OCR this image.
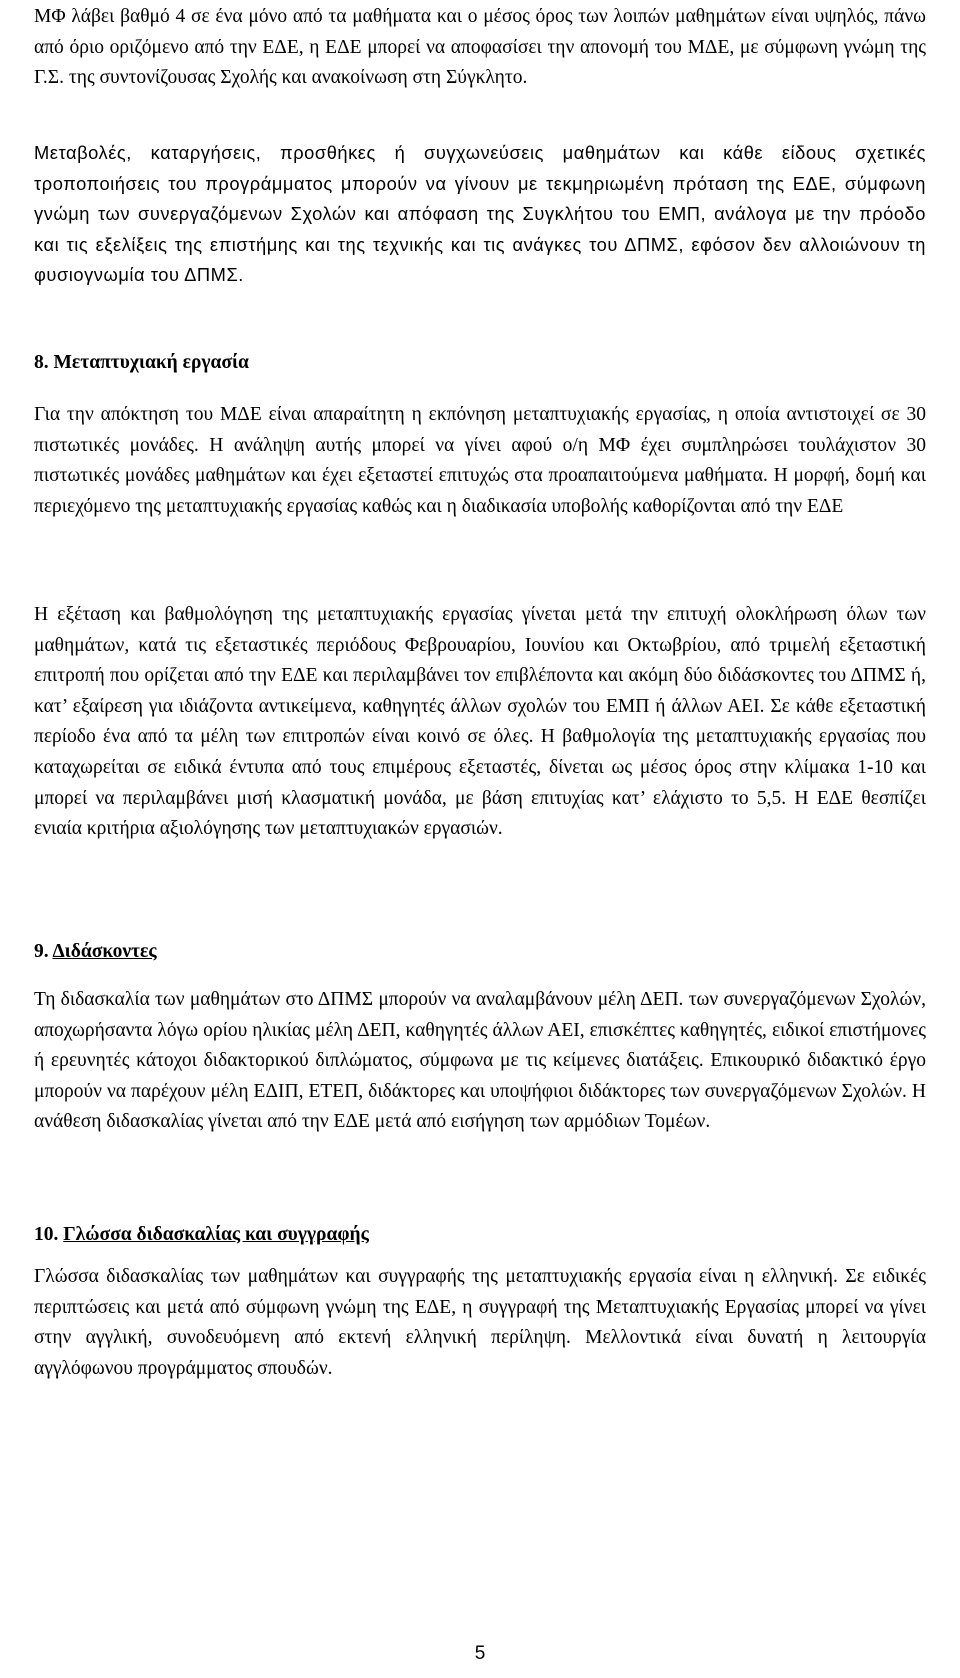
ΜΦ λάβει βαθμό 4 σε ένα μόνο από τα μαθήματα και ο μέσος όρος των λοιπών μαθημάτων είναι υψηλός, πάνω από όριο οριζόμενο από την ΕΔΕ, η ΕΔΕ μπορεί να αποφασίσει την απονομή του ΜΔΕ, με σύμφωνη γνώμη της Γ.Σ. της συντονίζουσας Σχολής και ανακοίνωση στη Σύγκλητο.

Μεταβολές, καταργήσεις, προσθήκες ή συγχωνεύσεις μαθημάτων και κάθε είδους σχετικές τροποποιήσεις του προγράμματος μπορούν να γίνουν με τεκμηριωμένη πρόταση της ΕΔΕ, σύμφωνη γνώμη των συνεργαζόμενων Σχολών και απόφαση της Συγκλήτου του ΕΜΠ, ανάλογα με την πρόοδο και τις εξελίξεις της επιστήμης και της τεχνικής και τις ανάγκες του ΔΠΜΣ, εφόσον δεν αλλοιώνουν τη φυσιογνωμία του ΔΠΜΣ.

8. Μεταπτυχιακή εργασία

Για την απόκτηση του ΜΔΕ είναι απαραίτητη η εκπόνηση μεταπτυχιακής εργασίας, η οποία αντιστοιχεί σε 30 πιστωτικές μονάδες. Η ανάληψη αυτής μπορεί να γίνει αφού ο/η ΜΦ έχει συμπληρώσει τουλάχιστον 30 πιστωτικές μονάδες μαθημάτων και έχει εξεταστεί επιτυχώς στα προαπαιτούμενα μαθήματα. Η μορφή, δομή και περιεχόμενο της μεταπτυχιακής εργασίας καθώς και η διαδικασία υποβολής καθορίζονται από την ΕΔΕ

Η εξέταση και βαθμολόγηση της μεταπτυχιακής εργασίας γίνεται μετά την επιτυχή ολοκλήρωση όλων των μαθημάτων, κατά τις εξεταστικές περιόδους Φεβρουαρίου, Ιουνίου και Οκτωβρίου, από τριμελή εξεταστική επιτροπή που ορίζεται από την ΕΔΕ και περιλαμβάνει τον επιβλέποντα και ακόμη δύο διδάσκοντες του ΔΠΜΣ ή, κατ’ εξαίρεση για ιδιάζοντα αντικείμενα, καθηγητές άλλων σχολών του ΕΜΠ ή άλλων ΑΕΙ. Σε κάθε εξεταστική περίοδο ένα από τα μέλη των επιτροπών είναι κοινό σε όλες. Η βαθμολογία της μεταπτυχιακής εργασίας που καταχωρείται σε ειδικά έντυπα από τους επιμέρους εξεταστές, δίνεται ως μέσος όρος στην κλίμακα 1-10 και μπορεί να περιλαμβάνει μισή κλασματική μονάδα, με βάση επιτυχίας κατ’ ελάχιστο το 5,5. Η ΕΔΕ θεσπίζει ενιαία κριτήρια αξιολόγησης των μεταπτυχιακών εργασιών.

9. Διδάσκοντες

Τη διδασκαλία των μαθημάτων στο ΔΠΜΣ μπορούν να αναλαμβάνουν μέλη ΔΕΠ. των συνεργαζόμενων Σχολών, αποχωρήσαντα λόγω ορίου ηλικίας μέλη ΔΕΠ, καθηγητές άλλων ΑΕΙ, επισκέπτες καθηγητές, ειδικοί επιστήμονες ή ερευνητές κάτοχοι διδακτορικού διπλώματος, σύμφωνα με τις κείμενες διατάξεις. Επικουρικό διδακτικό έργο μπορούν να παρέχουν μέλη ΕΔΙΠ, ΕΤΕΠ, διδάκτορες και υποψήφιοι διδάκτορες των συνεργαζόμενων Σχολών. Η ανάθεση διδασκαλίας γίνεται από την ΕΔΕ μετά από εισήγηση των αρμόδιων Τομέων.

10. Γλώσσα διδασκαλίας και συγγραφής

Γλώσσα διδασκαλίας των μαθημάτων και συγγραφής της μεταπτυχιακής εργασία είναι η ελληνική. Σε ειδικές περιπτώσεις και μετά από σύμφωνη γνώμη της ΕΔΕ, η συγγραφή της Μεταπτυχιακής Εργασίας μπορεί να γίνει στην αγγλική, συνοδευόμενη από εκτενή ελληνική περίληψη. Μελλοντικά είναι δυνατή η λειτουργία αγγλόφωνου προγράμματος σπουδών.

5
